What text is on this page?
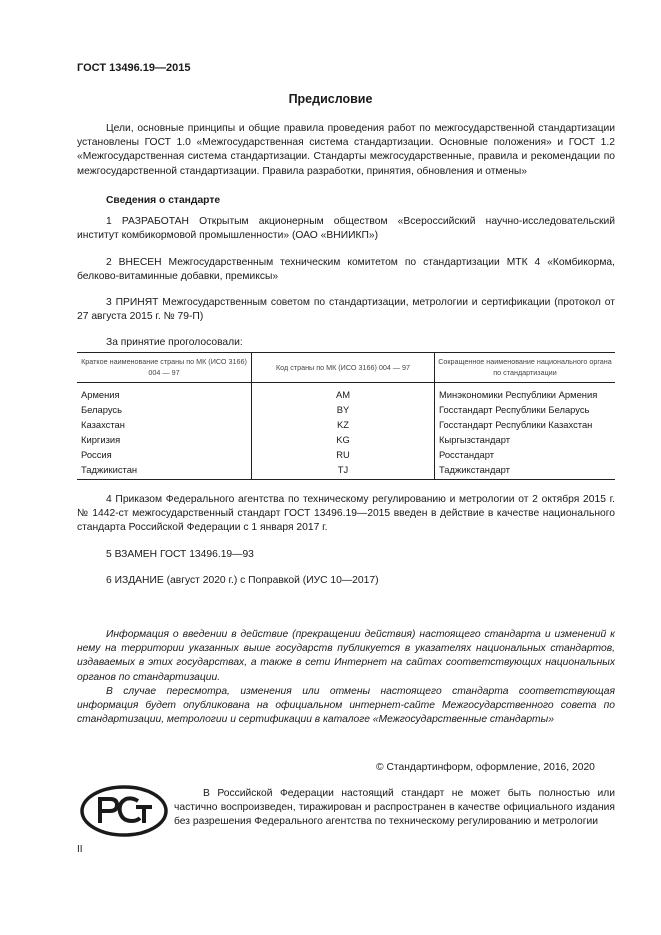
ГОСТ 13496.19—2015
Предисловие
Цели, основные принципы и общие правила проведения работ по межгосударственной стандартизации установлены ГОСТ 1.0 «Межгосударственная система стандартизации. Основные положения» и ГОСТ 1.2 «Межгосударственная система стандартизации. Стандарты межгосударственные, правила и рекомендации по межгосударственной стандартизации. Правила разработки, принятия, обновления и отмены»
Сведения о стандарте
1 РАЗРАБОТАН Открытым акционерным обществом «Всероссийский научно-исследовательский институт комбикормовой промышленности» (ОАО «ВНИИКП»)
2 ВНЕСЕН Межгосударственным техническим комитетом по стандартизации МТК 4 «Комбикорма, белково-витаминные добавки, премиксы»
3 ПРИНЯТ Межгосударственным советом по стандартизации, метрологии и сертификации (протокол от 27 августа 2015 г. № 79-П)
За принятие проголосовали:
Краткое наименование страны по МК (ИСО 3166) 004 — 97	Код страны по МК (ИСО 3166) 004 — 97	Сокращенное наименование национального органа по стандартизации

Армения	AM	Минэкономики Республики Армения
Беларусь	BY	Госстандарт Республики Беларусь
Казахстан	KZ	Госстандарт Республики Казахстан
Киргизия	KG	Кыргызстандарт
Россия	RU	Росстандарт
Таджикистан	TJ	Таджикстандарт
4 Приказом Федерального агентства по техническому регулированию и метрологии от 2 октября 2015 г. № 1442-ст межгосударственный стандарт ГОСТ 13496.19—2015 введен в действие в качестве национального стандарта Российской Федерации с 1 января 2017 г.
5 ВЗАМЕН ГОСТ 13496.19—93
6 ИЗДАНИЕ (август 2020 г.) с Поправкой (ИУС 10—2017)
Информация о введении в действие (прекращении действия) настоящего стандарта и изменений к нему на территории указанных выше государств публикуется в указателях национальных стандартов, издаваемых в этих государствах, а также в сети Интернет на сайтах соответствующих национальных органов по стандартизации.
В случае пересмотра, изменения или отмены настоящего стандарта соответствующая информация будет опубликована на официальном интернет-сайте Межгосударственного совета по стандартизации, метрологии и сертификации в каталоге «Межгосударственные стандарты»
© Стандартинформ, оформление, 2016, 2020
В Российской Федерации настоящий стандарт не может быть полностью или частично воспроизведен, тиражирован и распространен в качестве официального издания без разрешения Федерального агентства по техническому регулированию и метрологии
II
